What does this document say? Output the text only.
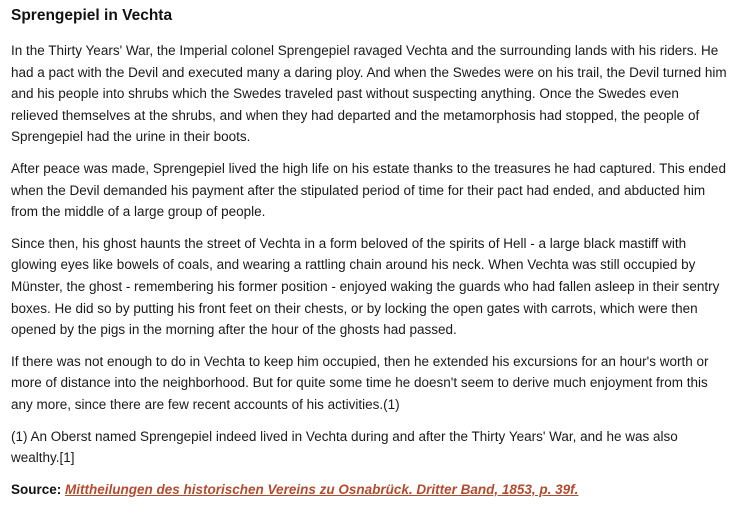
Sprengepiel in Vechta

In the Thirty Years' War, the Imperial colonel Sprengepiel ravaged Vechta and the surrounding lands with his riders. He had a pact with the Devil and executed many a daring ploy. And when the Swedes were on his trail, the Devil turned him and his people into shrubs which the Swedes traveled past without suspecting anything. Once the Swedes even relieved themselves at the shrubs, and when they had departed and the metamorphosis had stopped, the people of Sprengepiel had the urine in their boots.

After peace was made, Sprengepiel lived the high life on his estate thanks to the treasures he had captured. This ended when the Devil demanded his payment after the stipulated period of time for their pact had ended, and abducted him from the middle of a large group of people.

Since then, his ghost haunts the street of Vechta in a form beloved of the spirits of Hell - a large black mastiff with glowing eyes like bowels of coals, and wearing a rattling chain around his neck. When Vechta was still occupied by Münster, the ghost - remembering his former position - enjoyed waking the guards who had fallen asleep in their sentry boxes. He did so by putting his front feet on their chests, or by locking the open gates with carrots, which were then opened by the pigs in the morning after the hour of the ghosts had passed.

If there was not enough to do in Vechta to keep him occupied, then he extended his excursions for an hour's worth or more of distance into the neighborhood. But for quite some time he doesn't seem to derive much enjoyment from this any more, since there are few recent accounts of his activities.(1)

(1) An Oberst named Sprengepiel indeed lived in Vechta during and after the Thirty Years' War, and he was also wealthy.[1]

Source: Mittheilungen des historischen Vereins zu Osnabrück. Dritter Band, 1853, p. 39f.
